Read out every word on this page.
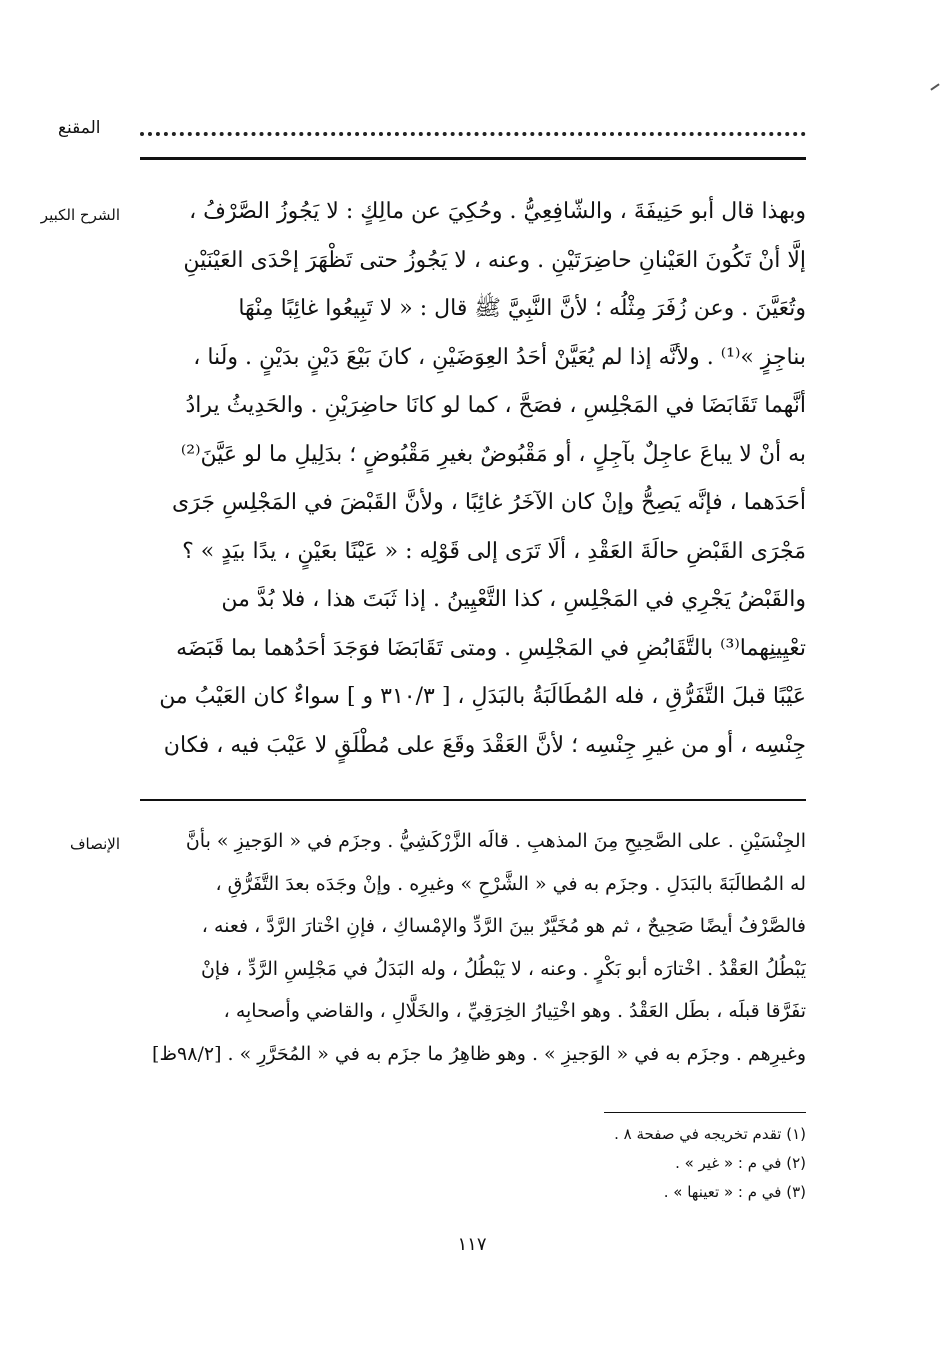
المقنع
الشرح الكبير	وبهذا قال أبو حَنِيفَةَ ، والشّافِعِيُّ . وحُكِيَ عن مالِكٍ : لا يَجُوزُ الصَّرْفُ ،
إلَّا أنْ تَكُونَ العَيْنانِ حاضِرَتَيْنِ . وعنه ، لا يَجُوزُ حتى تَظْهَرَ إحْدَى العَيْنَيْنِ
وتُعَيَّنَ . وعن زُفَرَ مِثْلُه ؛ لأنَّ النَّبِيَّ ﷺ قال : « لا تَبِيعُوا غائِبًا مِنْهَا
بناجِزٍ »⁽¹⁾ . ولأنَّه إذا لم يُعَيَّنْ أحَدُ العِوَضَيْنِ ، كانَ بَيْعَ دَيْنٍ بدَيْنٍ . ولَنا ،
أنَّهما تَقَابَضَا في المَجْلِسِ ، فصَحَّ ، كما لو كانَا حاضِرَيْنِ . والحَدِيثُ يرادُ
به أنْ لا يباعَ عاجِلٌ بآجِلٍ ، أو مَقْبُوضٌ بغيرِ مَقْبُوضٍ ؛ بدَلِيلِ ما لو عَيَّنَ⁽²⁾
أحَدَهما ، فإنَّه يَصِحُّ وإنْ كان الآخَرُ غائِبًا ، ولأنَّ القَبْضَ في المَجْلِسِ جَرَى
مَجْرَى القَبْضِ حالَةَ العَقْدِ ، ألَا تَرَى إلى قَوْلِه : « عَيْنًا بعَيْنٍ ، يدًا بيَدٍ » ؟
والقَبْضُ يَجْرِي في المَجْلِسِ ، كذا التَّعْيِينُ . إذا ثَبَتَ هذا ، فلا بُدَّ من
تعْيِينِهما⁽³⁾ بالتَّقَابُضِ في المَجْلِسِ . ومتى تَقَابَضَا فوَجَدَ أحَدُهما بما قَبَضَه
عَيْبًا قبلَ التَّفَرُّقِ ، فله المُطَالَبَةُ بالبَدَلِ ، [ ٣١٠/٣ و ] سواءٌ كان العَيْبُ من
جِنْسِه ، أو من غيرِ جِنْسِه ؛ لأنَّ العَقْدَ وقَعَ على مُطْلَقٍ لا عَيْبَ فيه ، فكان
الإنصاف	الجِنْسَيْنِ . على الصَّحِيحِ مِنَ المذهبِ . قالَه الزَّرْكَشِيُّ . وجزَم في « الوَجيزِ » بأنَّ
له المُطالَبَةَ بالبَدَلِ . وجزَم به في « الشَّرْحِ » وغيرِه . وإنْ وجَدَه بعدَ التَّفَرُّقِ ،
فالصَّرْفُ أيضًا صَحِيحٌ ، ثم هو مُخَيَّرٌ بينَ الرَّدِّ والإمْساكِ ، فإنِ اخْتارَ الرَّدَّ ، فعنه ،
يَبْطُلُ العَقْدُ . اخْتارَه أبو بَكْرٍ . وعنه ، لا يَبْطُلُ ، وله البَدَلُ في مَجْلِسِ الرَّدِّ ، فإنْ
تفَرَّقا قبلَه ، بطَل العَقْدُ . وهو اخْتِيارُ الخِرَقِيِّ ، والخَلَّالِ ، والقاضي وأصحابِه ،
وغيرِهم . وجزَم به في « الوَجيزِ » . وهو ظاهِرُ ما جزَم به في « المُحَرَّرِ » . [٩٨/٢ظ]
(١) تقدم تخريجه في صفحة ٨ .
(٢) في م : « غير » .
(٣) في م : « تعينها » .
١١٧
